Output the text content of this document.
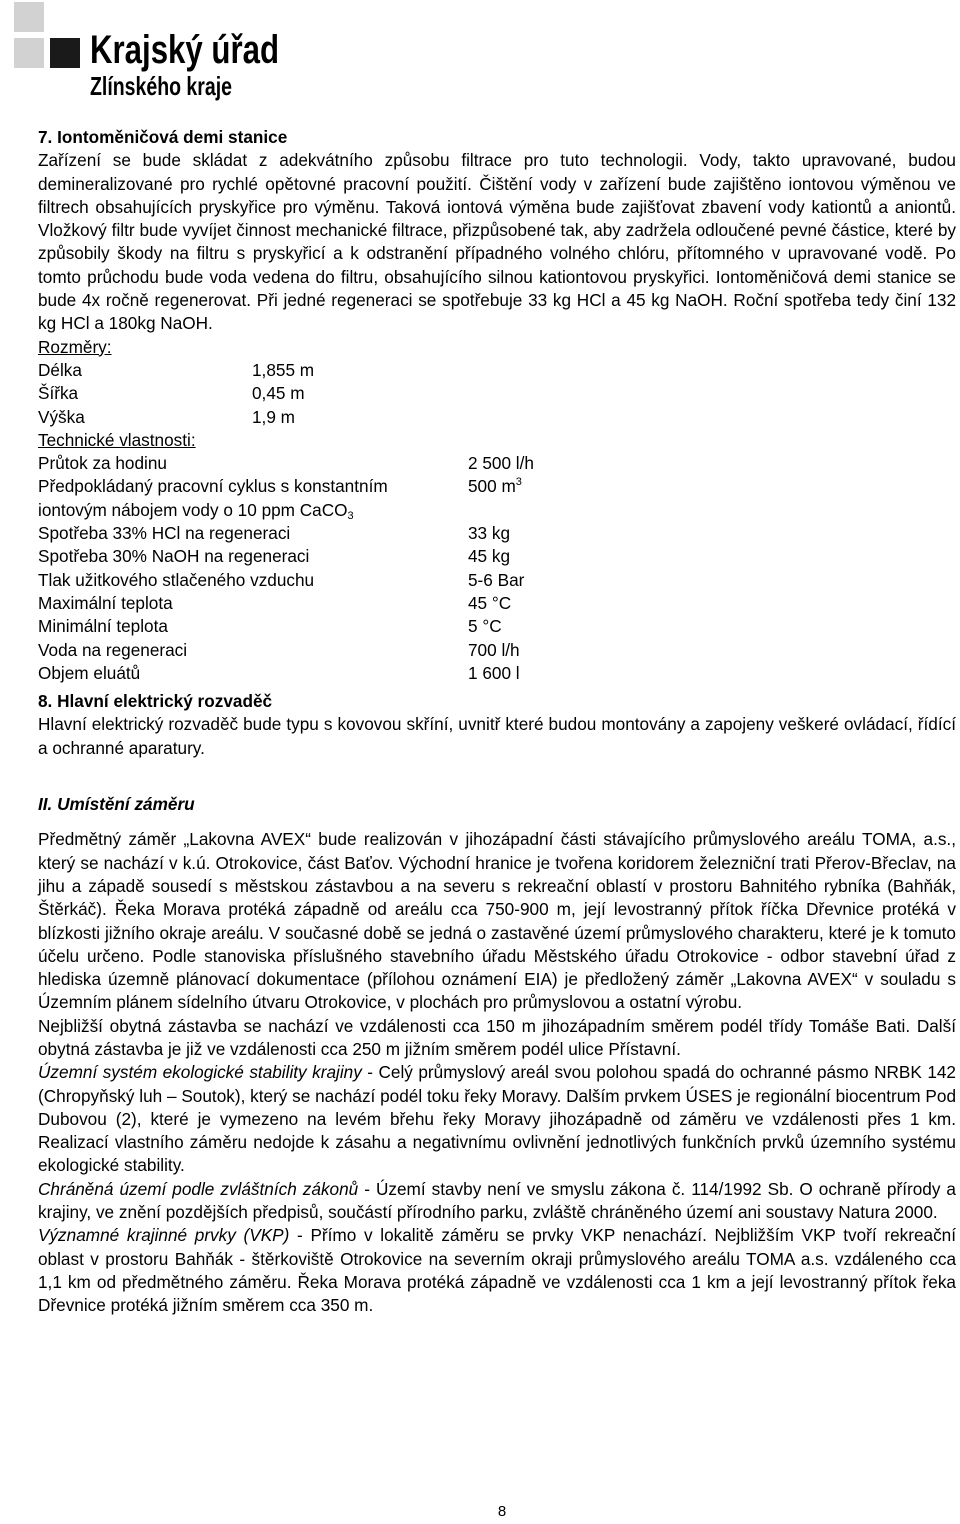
Krajský úřad
Zlínského kraje

7. Iontoměničová demi stanice

Zařízení se bude skládat z adekvátního způsobu filtrace pro tuto technologii. Vody, takto upravované, budou demineralizované pro rychlé opětovné pracovní použití. Čištění vody v zařízení bude zajištěno iontovou výměnou ve filtrech obsahujících pryskyřice pro výměnu. Taková iontová výměna bude zajišťovat zbavení vody kationtů a aniontů. Vložkový filtr bude vyvíjet činnost mechanické filtrace, přizpůsobené tak, aby zadržela odloučené pevné částice, které by způsobily škody na filtru s pryskyřicí a k odstranění případného volného chlóru, přítomného v upravované vodě. Po tomto průchodu bude voda vedena do filtru, obsahujícího silnou kationtovou pryskyřici. Iontoměničová demi stanice se bude 4x ročně regenerovat. Při jedné regeneraci se spotřebuje 33 kg HCl a 45 kg NaOH. Roční spotřeba tedy činí 132 kg HCl a 180kg NaOH.

Rozměry:

Délka	1,855 m
Šířka	0,45 m
Výška	1,9 m

Technické vlastnosti:

Průtok za hodinu	2 500 l/h
Předpokládaný pracovní cyklus s konstantním	500 $m^3$
iontovým nábojem vody o 10 ppm CaCO$_3$
Spotřeba 33% HCl na regeneraci	33 kg
Spotřeba 30% NaOH na regeneraci	45 kg
Tlak užitkového stlačeného vzduchu	5-6 Bar
Maximální teplota	45 °C
Minimální teplota	5 °C
Voda na regeneraci	700 l/h
Objem eluátů	1 600 l

8. Hlavní elektrický rozvaděč

Hlavní elektrický rozvaděč bude typu s kovovou skříní, uvnitř které budou montovány a zapojeny veškeré ovládací, řídící a ochranné aparatury.

II. Umístění záměru

Předmětný záměr „Lakovna AVEX“ bude realizován v jihozápadní části stávajícího průmyslového areálu TOMA, a.s., který se nachází v k.ú. Otrokovice, část Baťov. Východní hranice je tvořena koridorem železniční trati Přerov-Břeclav, na jihu a západě sousedí s městskou zástavbou a na severu s rekreační oblastí v prostoru Bahnitého rybníka (Bahňák, Štěrkáč). Řeka Morava protéká západně od areálu cca 750-900 m, její levostranný přítok říčka Dřevnice protéká v blízkosti jižního okraje areálu. V současné době se jedná o zastavěné území průmyslového charakteru, které je k tomuto účelu určeno. Podle stanoviska příslušného stavebního úřadu Městského úřadu Otrokovice - odbor stavební úřad z hlediska územně plánovací dokumentace (přílohou oznámení EIA) je předložený záměr „Lakovna AVEX“ v souladu s Územním plánem sídelního útvaru Otrokovice, v plochách pro průmyslovou a ostatní výrobu.

Nejbližší obytná zástavba se nachází ve vzdálenosti cca 150 m jihozápadním směrem podél třídy Tomáše Bati. Další obytná zástavba je již ve vzdálenosti cca 250 m jižním směrem podél ulice Přístavní.

Územní systém ekologické stability krajiny - Celý průmyslový areál svou polohou spadá do ochranné pásmo NRBK 142 (Chropyňský luh – Soutok), který se nachází podél toku řeky Moravy. Dalším prvkem ÚSES je regionální biocentrum Pod Dubovou (2), které je vymezeno na levém břehu řeky Moravy jihozápadně od záměru ve vzdálenosti přes 1 km. Realizací vlastního záměru nedojde k zásahu a negativnímu ovlivnění jednotlivých funkčních prvků územního systému ekologické stability.

Chráněná území podle zvláštních zákonů - Území stavby není ve smyslu zákona č. 114/1992 Sb. O ochraně přírody a krajiny, ve znění pozdějších předpisů, součástí přírodního parku, zvláště chráněného území ani soustavy Natura 2000.

Významné krajinné prvky (VKP) - Přímo v lokalitě záměru se prvky VKP nenachází. Nejbližším VKP tvoří rekreační oblast v prostoru Bahňák - štěrkoviště Otrokovice na severním okraji průmyslového areálu TOMA a.s. vzdáleného cca 1,1 km od předmětného záměru. Řeka Morava protéká západně ve vzdálenosti cca 1 km a její levostranný přítok řeka Dřevnice protéká jižním směrem cca 350 m.

8
